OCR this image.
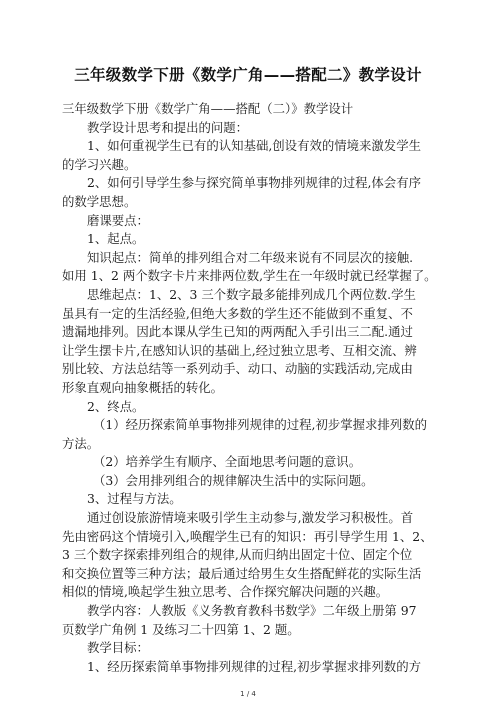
三年级数学下册《数学广角——搭配二》教学设计
三年级数学下册《数学广角——搭配（二）》教学设计
教学设计思考和提出的问题：
1、如何重视学生已有的认知基础,创设有效的情境来激发学生
的学习兴趣。
2、如何引导学生参与探究简单事物排列规律的过程,体会有序
的数学思想。
磨课要点：
1、起点。
知识起点：简单的排列组合对二年级来说有不同层次的接触.
如用 1、2 两个数字卡片来排两位数,学生在一年级时就已经掌握了。
思维起点：1、2、3 三个数字最多能排列成几个两位数.学生
虽具有一定的生活经验,但绝大多数的学生还不能做到不重复、不
遗漏地排列。因此本课从学生已知的两两配入手引出三二配.通过
让学生摆卡片,在感知认识的基础上,经过独立思考、互相交流、辨
别比较、方法总结等一系列动手、动口、动脑的实践活动,完成由
形象直观向抽象概括的转化。
2、终点。
（1）经历探索简单事物排列规律的过程,初步掌握求排列数的
方法。
（2）培养学生有顺序、全面地思考问题的意识。
（3）会用排列组合的规律解决生活中的实际问题。
3、过程与方法。
通过创设旅游情境来吸引学生主动参与,激发学习积极性。首
先由密码这个情境引入,唤醒学生已有的知识：再引导学生用 1、2、
3 三个数字探索排列组合的规律,从而归纳出固定十位、固定个位
和交换位置等三种方法；最后通过给男生女生搭配鲜花的实际生活
相似的情境,唤起学生独立思考、合作探究解决问题的兴趣。
教学内容：人教版《义务教育教科书数学》二年级上册第 97
页数学广角例 1 及练习二十四第 1、2 题。
教学目标：
1、经历探索简单事物排列规律的过程,初步掌握求排列数的方
1 / 4
